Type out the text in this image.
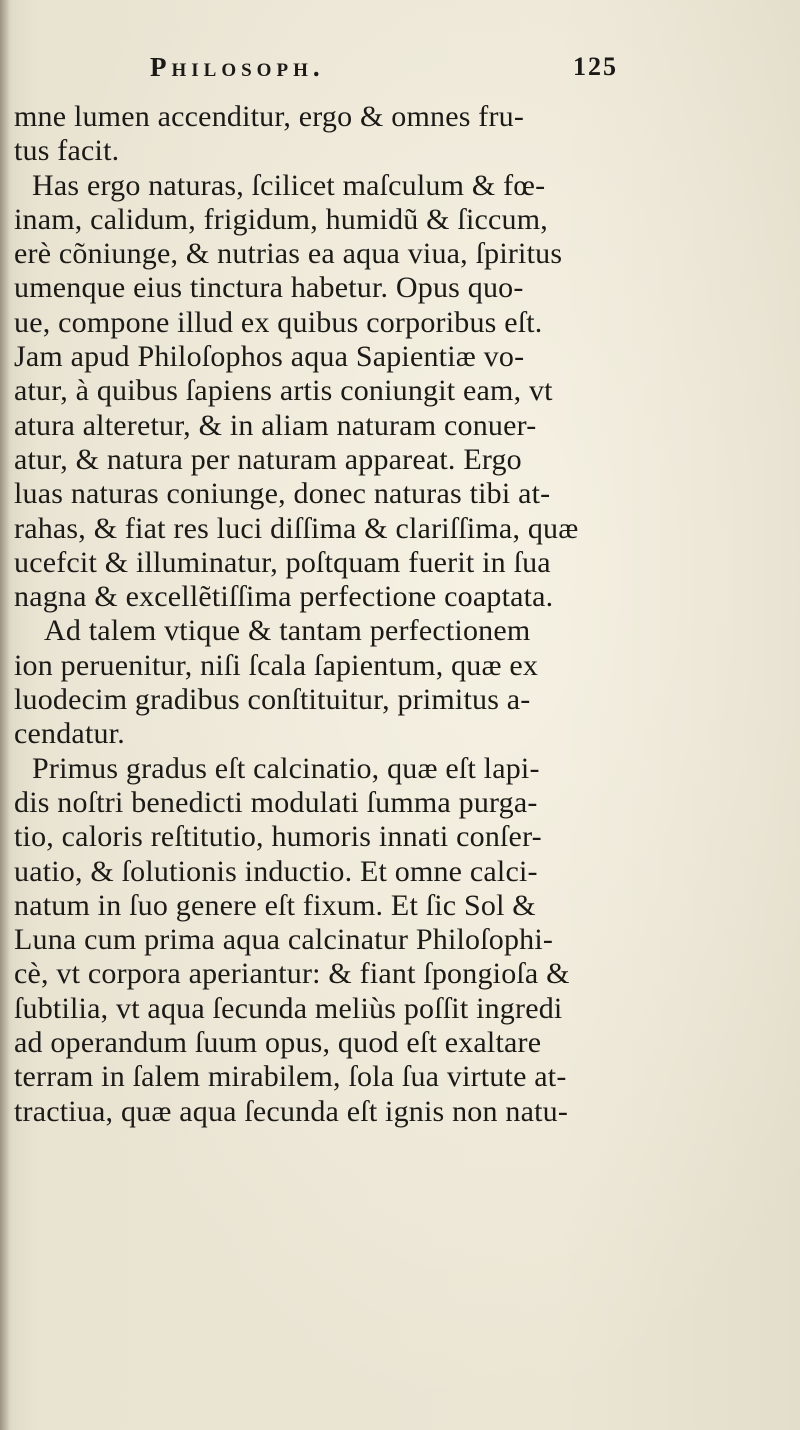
Philosoph.	125
mne lumen accenditur, ergo & omnes fru-
tus facit.
Has ergo naturas, ſcilicet maſculum & fœ-
inam, calidum, frigidum, humidũ & ſiccum,
erè cõniunge, & nutrias ea aqua viua, ſpiritus
umenque eius tinctura habetur. Opus quo-
ue, compone illud ex quibus corporibus eſt.
Jam apud Philoſophos aqua Sapientiæ vo-
atur, à quibus ſapiens artis coniungit eam, vt
atura alteretur, & in aliam naturam conuer-
atur, & natura per naturam appareat. Ergo
luas naturas coniunge, donec naturas tibi at-
rahas, & fiat res luci diſſima & clariſſima, quæ
ucefcit & illuminatur, poſtquam fuerit in ſua
nagna & excellẽtiſſima perfectione coaptata.
Ad talem vtique & tantam perfectionem
ion peruenitur, niſi ſcala ſapientum, quæ ex
luodecim gradibus conſtituitur, primitus a-
cendatur.
Primus gradus eſt calcinatio, quæ eſt lapi-
dis noſtri benedicti modulati ſumma purga-
tio, caloris reſtitutio, humoris innati conſer-
uatio, & ſolutionis inductio. Et omne calci-
natum in ſuo genere eſt fixum. Et ſic Sol &
Luna cum prima aqua calcinatur Philoſophi-
cè, vt corpora aperiantur: & fiant ſpongioſa &
ſubtilia, vt aqua ſecunda meliùs poſſit ingredi
ad operandum ſuum opus, quod eſt exaltare
terram in ſalem mirabilem, ſola ſua virtute at-
tractiua, quæ aqua ſecunda eſt ignis non natu-
